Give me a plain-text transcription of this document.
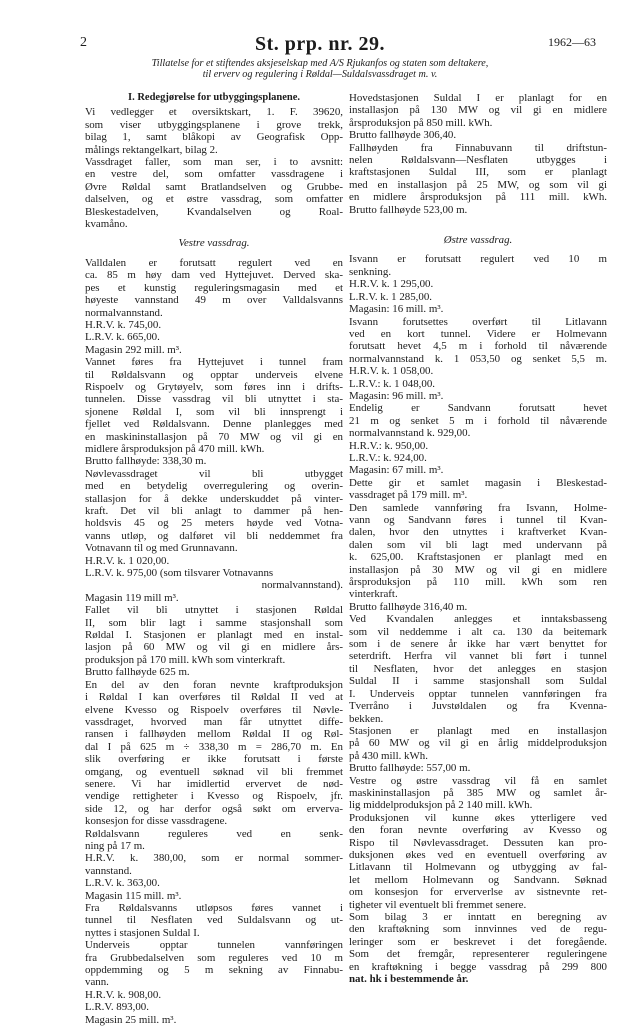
2	St. prp. nr. 29.	1962—63
Tillatelse for et stiftendes aksjeselskap med A/S Rjukanfos og staten som deltakere,
til erverv og regulering i Røldal—Suldalsvassdraget m. v.
I. Redegjørelse for utbyggingsplanene.
Vi vedlegger et oversiktskart, 1. F. 39620,
som viser utbyggingsplanene i grove trekk,
bilag 1, samt blåkopi av Geografisk Opp-
målings rektangelkart, bilag 2.
Vassdraget faller, som man ser, i to avsnitt:
en vestre del, som omfatter vassdragene i
Øvre Røldal samt Bratlandselven og Grubbe-
dalselven, og et østre vassdrag, som omfatter
Bleskestadelven, Kvandalselven og Roal-
kvamåno.
Vestre vassdrag.
Valldalen er forutsatt regulert ved en
ca. 85 m høy dam ved Hyttejuvet. Derved ska-
pes et kunstig reguleringsmagasin med et
høyeste vannstand 49 m over Valldalsvanns
normalvannstand.
H.R.V. k. 745,00.
L.R.V. k. 665,00.
Magasin 292 mill. m³.
Vannet føres fra Hyttejuvet i tunnel fram
til Røldalsvann og opptar underveis elvene
Rispoelv og Grytøyelv, som føres inn i drifts-
tunnelen. Disse vassdrag vil bli utnyttet i sta-
sjonene Røldal I, som vil bli innsprengt i
fjellet ved Røldalsvann. Denne planlegges med
en maskininstallasjon på 70 MW og vil gi en
midlere årsproduksjon på 470 mill. kWh.
Brutto fallhøyde: 338,30 m.
Nøvlevassdraget vil bli utbygget
med en betydelig overregulering og overin-
stallasjon for å dekke underskuddet på vinter-
kraft. Det vil bli anlagt to dammer på hen-
holdsvis 45 og 25 meters høyde ved Votna-
vanns utløp, og dalføret vil bli neddemmet fra
Votnavann til og med Grunnavann.
H.R.V. k. 1 020,00.
L.R.V. k. 975,00 (som tilsvarer Votnavanns
normalvannstand).
Magasin 119 mill m³.
Fallet vil bli utnyttet i stasjonen Røldal
II, som blir lagt i samme stasjonshall som
Røldal I. Stasjonen er planlagt med en instal-
lasjon på 60 MW og vil gi en midlere års-
produksjon på 170 mill. kWh som vinterkraft.
Brutto fallhøyde 625 m.
En del av den foran nevnte kraftproduksjon
i Røldal I kan overføres til Røldal II ved at
elvene Kvesso og Rispoelv overføres til Nøvle-
vassdraget, hvorved man får utnyttet diffe-
ransen i fallhøyden mellom Røldal II og Røl-
dal I på 625 m ÷ 338,30 m = 286,70 m. En
slik overføring er ikke forutsatt i første
omgang, og eventuell søknad vil bli fremmet
senere. Vi har imidlertid ervervet de nød-
vendige rettigheter i Kvesso og Rispoelv, jfr.
side 12, og har derfor også søkt om erverva-
konsesjon for disse vassdragene.
Røldalsvann reguleres ved en senk-
ning på 17 m.
H.R.V. k. 380,00, som er normal sommer-
vannstand.
L.R.V. k. 363,00.
Magasin 115 mill. m³.
Fra Røldalsvanns utløpsos føres vannet i
tunnel til Nesflaten ved Suldalsvann og ut-
nyttes i stasjonen Suldal I.
Underveis opptar tunnelen vannføringen
fra Grubbedalselven som reguleres ved 10 m
oppdemming og 5 m sekning av Finnabu-
vann.
H.R.V. k. 908,00.
L.R.V. 893,00.
Magasin 25 mill. m³.
Hovedstasjonen Suldal I er planlagt for en
installasjon på 130 MW og vil gi en midlere
årsproduksjon på 850 mill. kWh.
Brutto fallhøyde 306,40.
Fallhøyden fra Finnabuvann til driftstun-
nelen Røldalsvann—Nesflaten utbygges i
kraftstasjonen Suldal III, som er planlagt
med en installasjon på 25 MW, og som vil gi
en midlere årsproduksjon på 111 mill. kWh.
Brutto fallhøyde 523,00 m.
Østre vassdrag.
Isvann er forutsatt regulert ved 10 m
senkning.
H.R.V. k. 1 295,00.
L.R.V. k. 1 285,00.
Magasin: 16 mill. m³.
Isvann forutsettes overført til Litlavann
ved en kort tunnel. Videre er Holmevann
forutsatt hevet 4,5 m i forhold til nåværende
normalvannstand k. 1 053,50 og senket 5,5 m.
H.R.V. k. 1 058,00.
L.R.V.: k. 1 048,00.
Magasin: 96 mill. m³.
Endelig er Sandvann forutsatt hevet
21 m og senket 5 m i forhold til nåværende
normalvannstand k. 929,00.
H.R.V.: k. 950,00.
L.R.V.: k. 924,00.
Magasin: 67 mill. m³.
Dette gir et samlet magasin i Bleskestad-
vassdraget på 179 mill. m³.
Den samlede vannføring fra Isvann, Holme-
vann og Sandvann føres i tunnel til Kvan-
dalen, hvor den utnyttes i kraftverket Kvan-
dalen som vil bli lagt med undervann på
k. 625,00. Kraftstasjonen er planlagt med en
installasjon på 30 MW og vil gi en midlere
årsproduksjon på 110 mill. kWh som ren
vinterkraft.
Brutto fallhøyde 316,40 m.
Ved Kvandalen anlegges et inntaksbasseng
som vil neddemme i alt ca. 130 da beitemark
som i de senere år ikke har vært benyttet for
seterdrift. Herfra vil vannet bli ført i tunnel
til Nesflaten, hvor det anlegges en stasjon
Suldal II i samme stasjonshall som Suldal
I. Underveis opptar tunnelen vannføringen fra
Tverråno i Juvstøldalen og fra Kvenna-
bekken.
Stasjonen er planlagt med en installasjon
på 60 MW og vil gi en årlig middelproduksjon
på 430 mill. kWh.
Brutto fallhøyde: 557,00 m.
Vestre og østre vassdrag vil få en samlet
maskininstallasjon på 385 MW og samlet år-
lig middelproduksjon på 2 140 mill. kWh.
Produksjonen vil kunne økes ytterligere ved
den foran nevnte overføring av Kvesso og
Rispo til Nøvlevassdraget. Dessuten kan pro-
duksjonen økes ved en eventuell overføring av
Litlavann til Holmevann og utbygging av fal-
let mellom Holmevann og Sandvann. Søknad
om konsesjon for erververlse av sistnevnte ret-
tigheter vil eventuelt bli fremmet senere.
Som bilag 3 er inntatt en beregning av
den kraftøkning som innvinnes ved de regu-
leringer som er beskrevet i det foregående.
Som det fremgår, representerer reguleringene
en kraftøkning i begge vassdrag på 299 800
nat. hk i bestemmende år.
